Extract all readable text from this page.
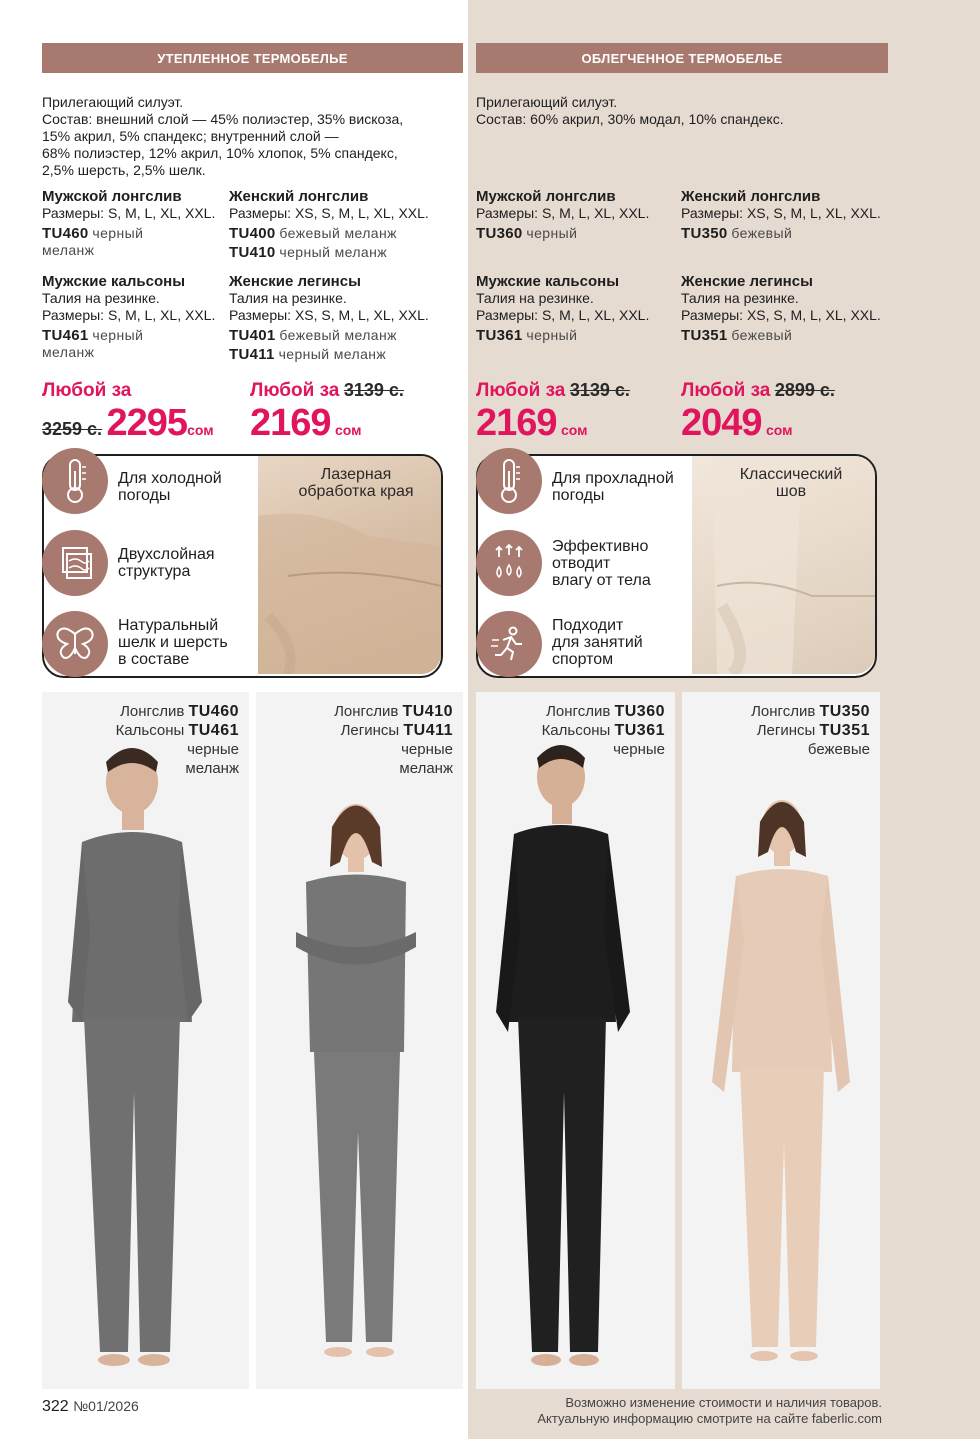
УТЕПЛЕННОЕ ТЕРМОБЕЛЬЕ	ОБЛЕГЧЕННОЕ ТЕРМОБЕЛЬЕ
Прилегающий силуэт.
Состав: внешний слой — 45% полиэстер, 35% вискоза,
15% акрил, 5% спандекс; внутренний слой —
68% полиэстер, 12% акрил, 10% хлопок, 5% спандекс,
2,5% шерсть, 2,5% шелк.
Прилегающий силуэт.
Состав: 60% акрил, 30% модал, 10% спандекс.
Мужской лонгслив
Размеры: S, M, L, XL, XXL.
TU460 черный
меланж
Женский лонгслив
Размеры: XS, S, M, L, XL, XXL.
TU400 бежевый меланж
TU410 черный меланж
Мужские кальсоны
Талия на резинке.
Размеры: S, M, L, XL, XXL.
TU461 черный
меланж
Женские легинсы
Талия на резинке.
Размеры: XS, S, M, L, XL, XXL.
TU401 бежевый меланж
TU411 черный меланж
Мужской лонгслив
Размеры: S, M, L, XL, XXL.
TU360 черный
Женский лонгслив
Размеры: XS, S, M, L, XL, XXL.
TU350 бежевый
Мужские кальсоны
Талия на резинке.
Размеры: S, M, L, XL, XXL.
TU361 черный
Женские легинсы
Талия на резинке.
Размеры: XS, S, M, L, XL, XXL.
TU351 бежевый
Любой за
3259 с. 2295сом
Любой за 3139 с.
2169 сом
Любой за 3139 с.
2169 сом
Любой за 2899 с.
2049 сом
Лазерная
обработка края
Для холодной
погоды
Двухслойная
структура
Натуральный
шелк и шерсть
в составе
Классический
шов
Для прохладной
погоды
Эффективно
отводит
влагу от тела
Подходит
для занятий
спортом
Лонгслив TU460
Кальсоны TU461
черные
меланж
Лонгслив TU410
Легинсы TU411
черные
меланж
Лонгслив TU360
Кальсоны TU361
черные
Лонгслив TU350
Легинсы TU351
бежевые
322 №01/2026	Возможно изменение стоимости и наличия товаров.
Актуальную информацию смотрите на сайте faberlic.com
